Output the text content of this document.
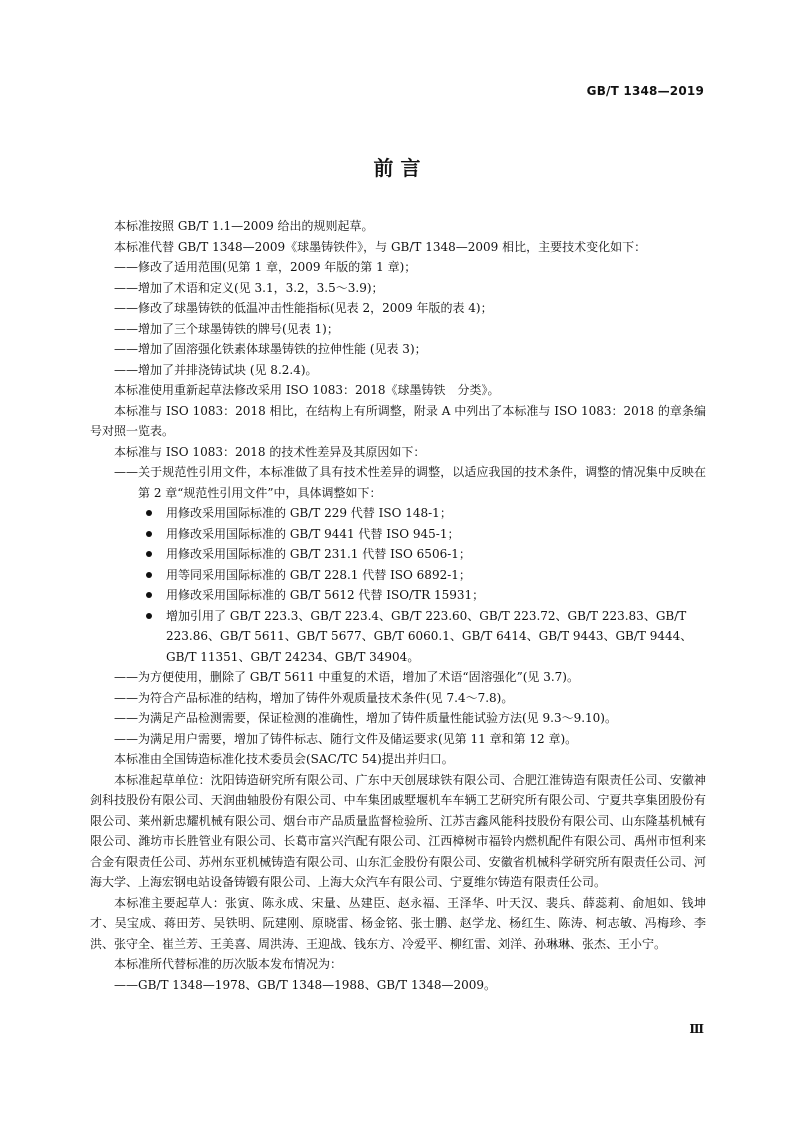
GB/T 1348—2019
前 言

本标准按照 GB/T 1.1—2009 给出的规则起草。

本标准代替 GB/T 1348—2009《球墨铸铁件》，与 GB/T 1348—2009 相比，主要技术变化如下：

——修改了适用范围(见第 1 章，2009 年版的第 1 章)；

——增加了术语和定义(见 3.1，3.2，3.5～3.9)；

——修改了球墨铸铁的低温冲击性能指标(见表 2，2009 年版的表 4)；

——增加了三个球墨铸铁的牌号(见表 1)；

——增加了固溶强化铁素体球墨铸铁的拉伸性能 (见表 3)；

——增加了并排浇铸试块 (见 8.2.4)。

本标准使用重新起草法修改采用 ISO 1083：2018《球墨铸铁　分类》。

本标准与 ISO 1083：2018 相比，在结构上有所调整，附录 A 中列出了本标准与 ISO 1083：2018 的章条编号对照一览表。

本标准与 ISO 1083：2018 的技术性差异及其原因如下：

——关于规范性引用文件，本标准做了具有技术性差异的调整，以适应我国的技术条件，调整的情况集中反映在第 2 章“规范性引用文件”中，具体调整如下：

用修改采用国际标准的 GB/T 229 代替 ISO 148-1；
用修改采用国际标准的 GB/T 9441 代替 ISO 945-1；
用修改采用国际标准的 GB/T 231.1 代替 ISO 6506-1；
用等同采用国际标准的 GB/T 228.1 代替 ISO 6892-1；
用修改采用国际标准的 GB/T 5612 代替 ISO/TR 15931；
增加引用了 GB/T 223.3、GB/T 223.4、GB/T 223.60、GB/T 223.72、GB/T 223.83、GB/T 223.86、GB/T 5611、GB/T 5677、GB/T 6060.1、GB/T 6414、GB/T 9443、GB/T 9444、GB/T 11351、GB/T 24234、GB/T 34904。

——为方便使用，删除了 GB/T 5611 中重复的术语，增加了术语“固溶强化”(见 3.7)。

——为符合产品标准的结构，增加了铸件外观质量技术条件(见 7.4～7.8)。

——为满足产品检测需要，保证检测的准确性，增加了铸件质量性能试验方法(见 9.3～9.10)。

——为满足用户需要，增加了铸件标志、随行文件及储运要求(见第 11 章和第 12 章)。

本标准由全国铸造标准化技术委员会(SAC/TC 54)提出并归口。

本标准起草单位：沈阳铸造研究所有限公司、广东中天创展球铁有限公司、合肥江淮铸造有限责任公司、安徽神剑科技股份有限公司、天润曲轴股份有限公司、中车集团戚墅堰机车车辆工艺研究所有限公司、宁夏共享集团股份有限公司、莱州新忠耀机械有限公司、烟台市产品质量监督检验所、江苏吉鑫风能科技股份有限公司、山东隆基机械有限公司、潍坊市长胜管业有限公司、长葛市富兴汽配有限公司、江西樟树市福铃内燃机配件有限公司、禹州市恒利来合金有限责任公司、苏州东亚机械铸造有限公司、山东汇金股份有限公司、安徽省机械科学研究所有限责任公司、河海大学、上海宏钢电站设备铸锻有限公司、上海大众汽车有限公司、宁夏维尔铸造有限责任公司。

本标准主要起草人：张寅、陈永成、宋量、丛建臣、赵永福、王泽华、叶天汉、裴兵、薛蕊莉、俞旭如、钱坤才、吴宝成、蒋田芳、吴铁明、阮建刚、原晓雷、杨金铭、张士鹏、赵学龙、杨红生、陈涛、柯志敏、冯梅珍、李洪、张守全、崔兰芳、王美喜、周洪涛、王迎战、钱东方、冷爱平、柳红雷、刘洋、孙琳琳、张杰、王小宁。

本标准所代替标准的历次版本发布情况为：

——GB/T 1348—1978、GB/T 1348—1988、GB/T 1348—2009。

Ⅲ
